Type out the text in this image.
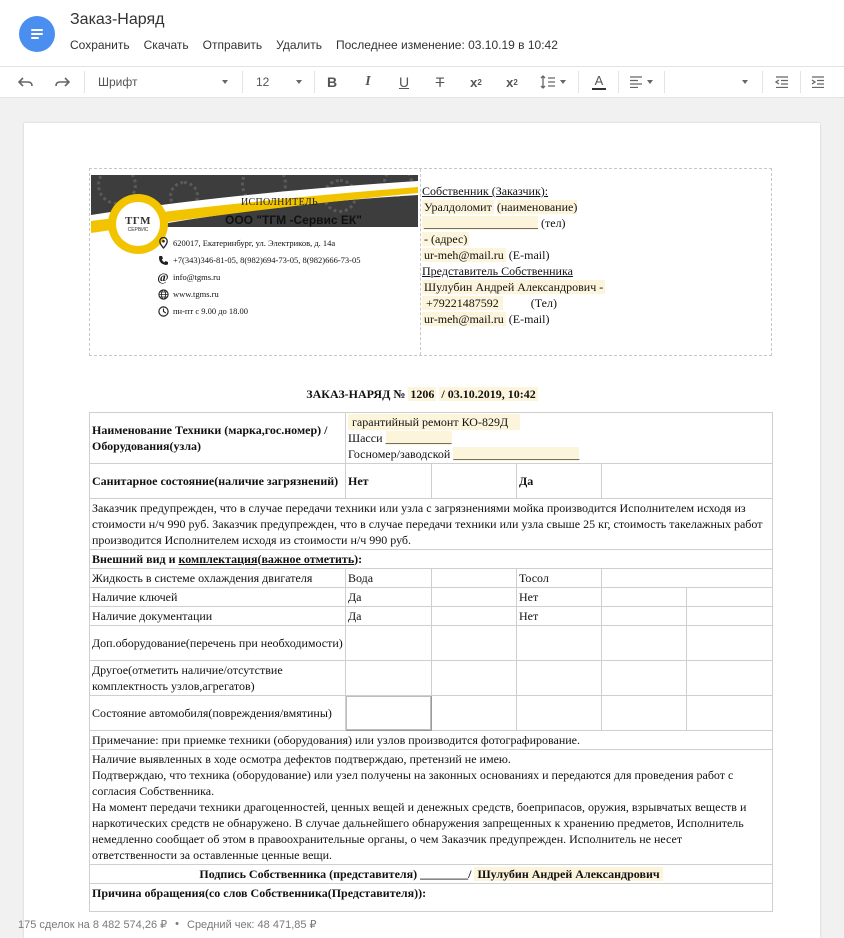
Заказ-Наряд
Сохранить Скачать Отправить Удалить Последнее изменение: 03.10.19 в 10:42
Шрифт	12	B	I	U	T	x 2	x 2	A
ТГМ
СЕРВИС
ИСПОЛНИТЕЛЬ
ООО "ТГМ -Сервис ЕК"
620017, Екатеринбург, ул. Электриков, д. 14а
+7(343)346-81-05, 8(982)694-73-05, 8(982)666-73-05
@ info@tgms.ru
www.tgms.ru
пн-пт с 9.00 до 18.00
Собственник (Заказчик):
Уралдоломит (наименование)
___________________ (тел)
- (адрес)
ur-meh@mail.ru (E-mail)
Представитель Собственника
Шулубин Андрей Александрович -
+79221487592	(Тел)
ur-meh@mail.ru (E-mail)
ЗАКАЗ-НАРЯД № 1206 / 03.10.2019, 10:42
Наименование Техники (марка,гос.номер) /Оборудования(узла)	гарантийный ремонт КО-829Д
Шасси ___________
Госномер/заводской _____________________				

Санитарное состояние(наличие загрязнений)	Нет		Да		
Заказчик предупрежден, что в случае передачи техники или узла с загрязнениями мойка производится Исполнителем исходя из стоимости н/ч 990 руб. Заказчик предупрежден, что в случае передачи техники или узла свыше 25 кг, стоимость такелажных работ производится Исполнителем исходя из стоимости н/ч 990 руб.					
Внешний вид и комплектация(важное отметить):					
Жидкость в системе охлаждения двигателя	Вода		Тосол		
Наличие ключей	Да		Нет		
Наличие документации	Да		Нет		
Доп.оборудование(перечень при необходимости)					
Другое(отметить наличие/отсутствие комплектность узлов,агрегатов)					
Состояние автомобиля(повреждения/вмятины)					
Примечание: при приемке техники (оборудования) или узлов производится фотографирование.					

Наличие выявленных в ходе осмотра дефектов подтверждаю, претензий не имею.
Подтверждаю, что техника (оборудование) или узел получены на законных основаниях и передаются для проведения работ с согласия Собственника.
На момент передачи техники драгоценностей, ценных вещей и денежных средств, боеприпасов, оружия, взрывчатых веществ и наркотических средств не обнаружено. В случае дальнейшего обнаружения запрещенных к хранению предметов, Исполнитель немедленно сообщает об этом в правоохранительные органы, о чем Заказчик предупрежден. Исполнитель не несет ответственности за оставленные ценные вещи.					

Подпись Собственника (представителя) ________/ Шулубин Андрей Александрович					
Причина обращения(со слов Собственника(Представителя)):					
175 сделок на 8 482 574,26 ₽ • Средний чек: 48 471,85 ₽
